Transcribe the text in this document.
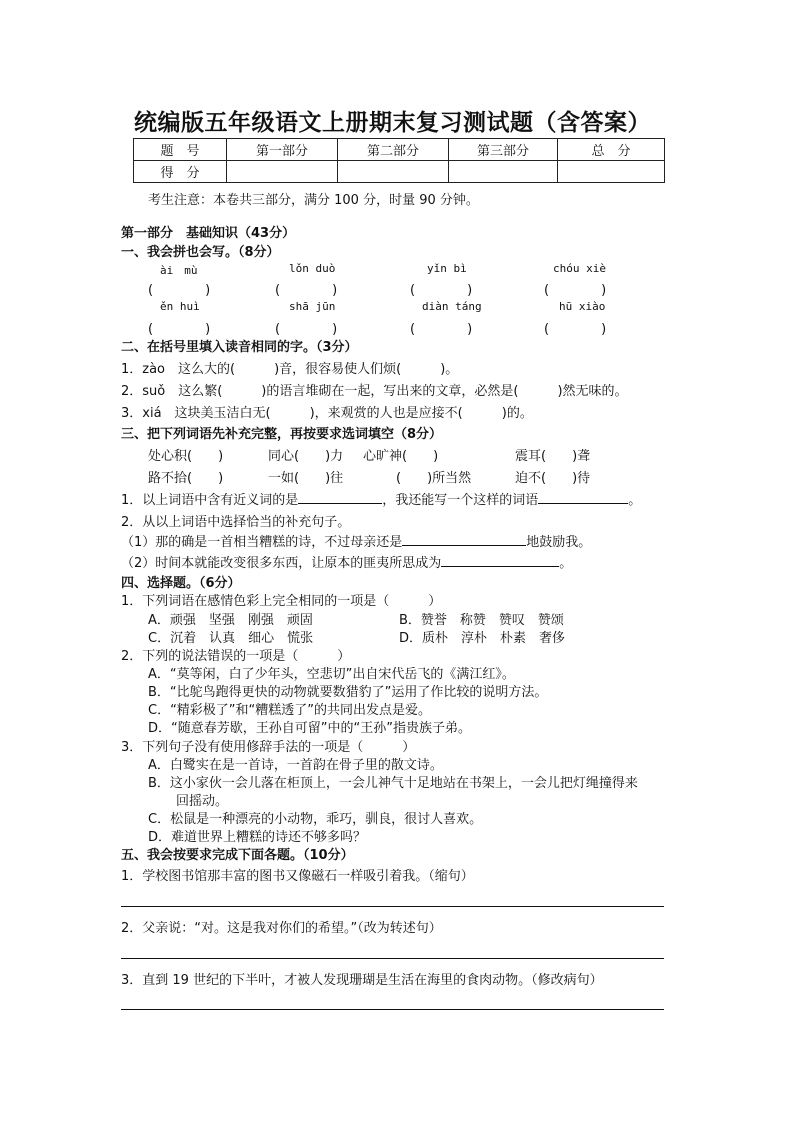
统编版五年级语文上册期末复习测试题（含答案）
题　号	第一部分	第二部分	第三部分	总　分
得　分				
考生注意：本卷共三部分，满分 100 分，时量 90 分钟。
第一部分　基础知识（43分）
一、我会拼也会写。（8分）
ài　mù	lǒn duò	yǐn bì	chóu xiè
(　　　　)	(　　　　)	(　　　　)	(　　　　)
ěn huì	shā jūn	diàn táng	hū xiào
(　　　　)	(　　　　)	(　　　　)	(　　　　)
二、在括号里填入读音相同的字。（3分）
1．zào　这么大的(　　　)音，很容易使人们烦(　　　)。
2．suǒ　这么繁(　　　)的语言堆砌在一起，写出来的文章，必然是(　　　)然无味的。
3．xiá　这块美玉洁白无(　　　)，来观赏的人也是应接不(　　　)的。
三、把下列词语先补充完整，再按要求选词填空（8分）
处心积(　　)	同心(　　)力 心旷神(　　)	震耳(　　)聋
路不拾(　　)	一如(　　)往	(　　)所当然	迫不(　　)待
1．以上词语中含有近义词的是	，我还能写一个这样的词语	。
2．从以上词语中选择恰当的补充句子。
（1）那的确是一首相当糟糕的诗，不过母亲还是	地鼓励我。
（2）时间本就能改变很多东西，让原本的匪夷所思成为	。
四、选择题。（6分）
1．下列词语在感情色彩上完全相同的一项是（　　　）
A．顽强　坚强　刚强　顽固	B．赞誉　称赞　赞叹　赞颂
C．沉着　认真　细心　慌张	D．质朴　淳朴　朴素　奢侈
2．下列的说法错误的一项是（　　　）
A．“莫等闲，白了少年头，空悲切”出自宋代岳飞的《满江红》。
B．“比鸵鸟跑得更快的动物就要数猎豹了”运用了作比较的说明方法。
C．“精彩极了”和“糟糕透了”的共同出发点是爱。
D．“随意春芳歇，王孙自可留”中的“王孙”指贵族子弟。
3．下列句子没有使用修辞手法的一项是（　　　）
A．白鹭实在是一首诗，一首韵在骨子里的散文诗。
B．这小家伙一会儿落在柜顶上，一会儿神气十足地站在书架上，一会儿把灯绳撞得来
回摇动。
C．松鼠是一种漂亮的小动物，乖巧，驯良，很讨人喜欢。
D．难道世界上糟糕的诗还不够多吗？
五、我会按要求完成下面各题。（10分）
1．学校图书馆那丰富的图书又像磁石一样吸引着我。（缩句）
2．父亲说：“对。这是我对你们的希望。”（改为转述句）
3．直到 19 世纪的下半叶，才被人发现珊瑚是生活在海里的食肉动物。（修改病句）
